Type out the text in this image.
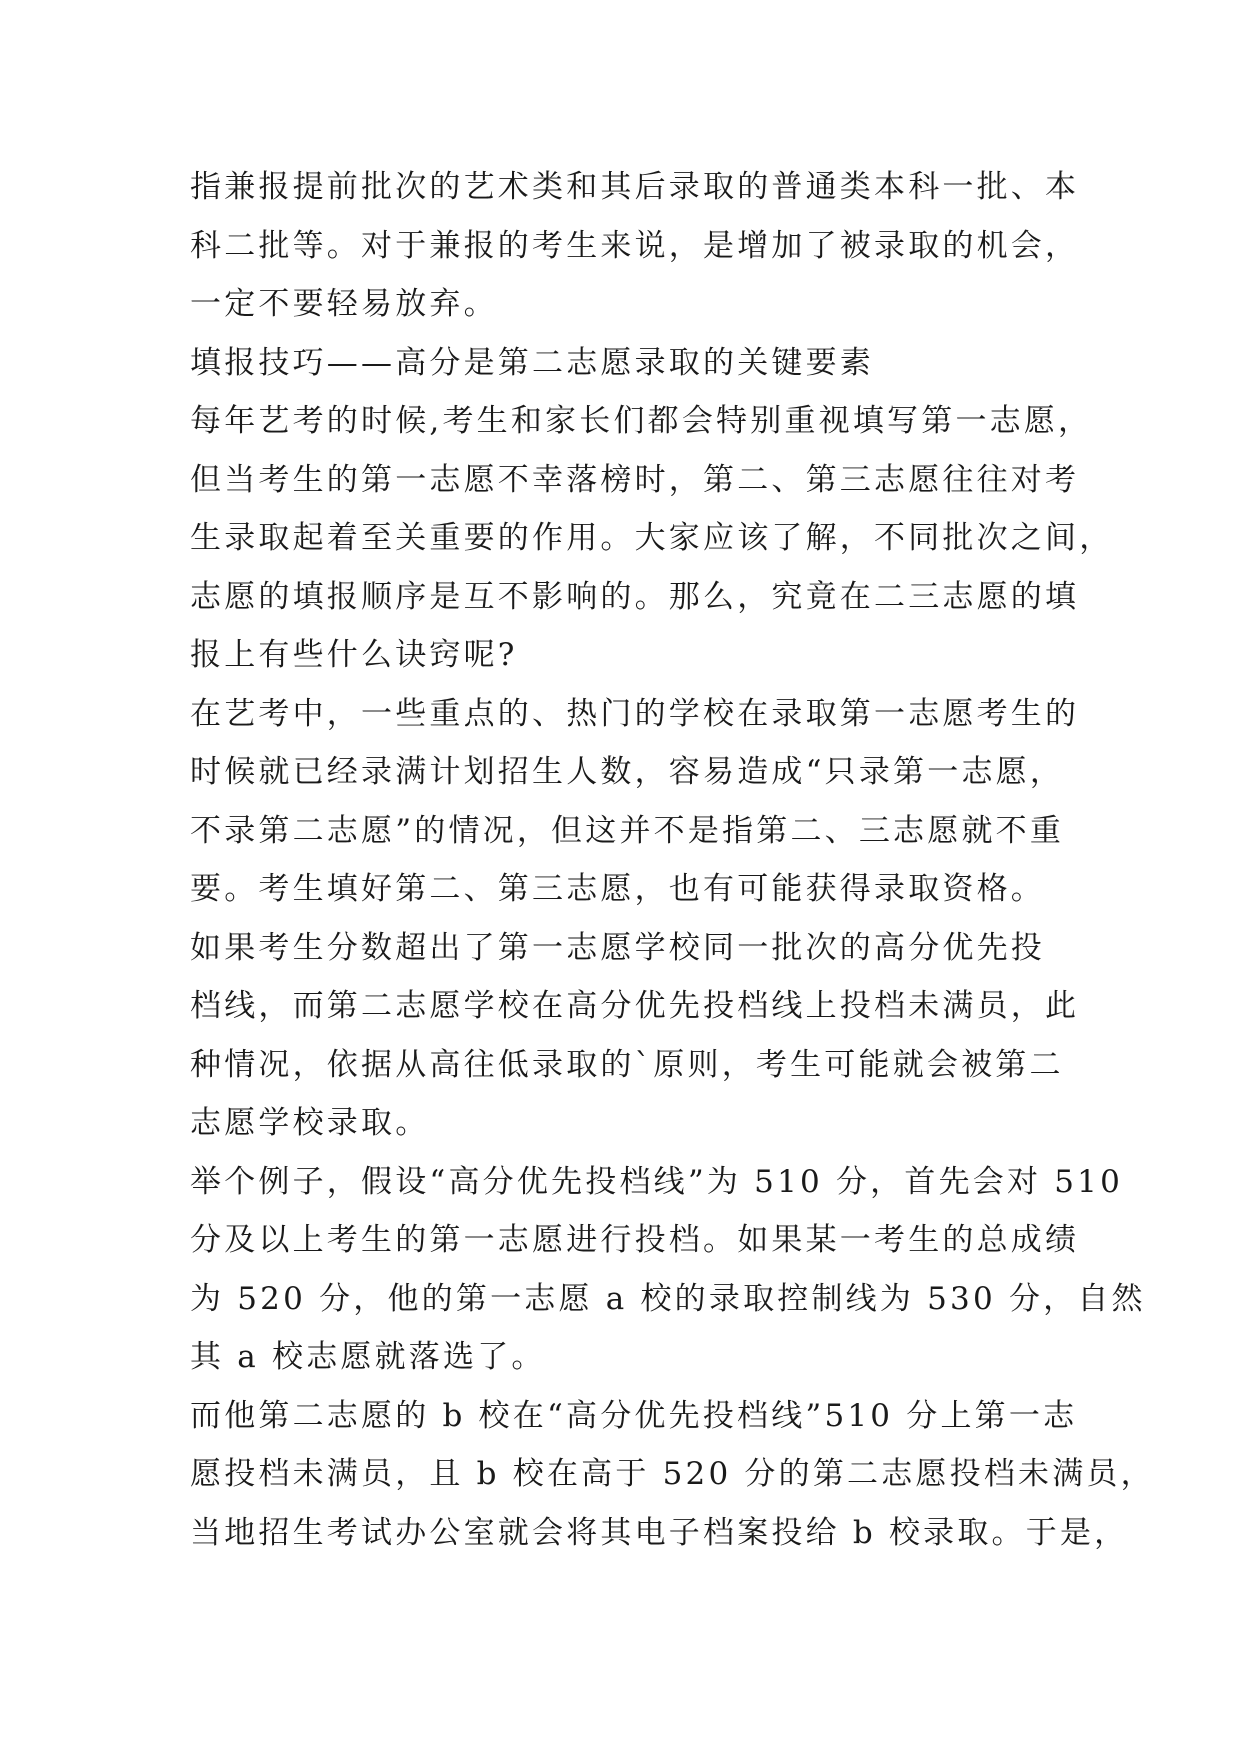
指兼报提前批次的艺术类和其后录取的普通类本科一批、本
科二批等。对于兼报的考生来说，是增加了被录取的机会，
一定不要轻易放弃。

填报技巧——高分是第二志愿录取的关键要素

每年艺考的时候,考生和家长们都会特别重视填写第一志愿，
但当考生的第一志愿不幸落榜时，第二、第三志愿往往对考
生录取起着至关重要的作用。大家应该了解，不同批次之间，
志愿的填报顺序是互不影响的。那么，究竟在二三志愿的填
报上有些什么诀窍呢?

在艺考中，一些重点的、热门的学校在录取第一志愿考生的
时候就已经录满计划招生人数，容易造成“只录第一志愿，
不录第二志愿”的情况，但这并不是指第二、三志愿就不重
要。考生填好第二、第三志愿，也有可能获得录取资格。

如果考生分数超出了第一志愿学校同一批次的高分优先投
档线，而第二志愿学校在高分优先投档线上投档未满员，此
种情况，依据从高往低录取的`原则，考生可能就会被第二
志愿学校录取。

举个例子，假设“高分优先投档线”为 510 分，首先会对 510
分及以上考生的第一志愿进行投档。如果某一考生的总成绩
为 520 分，他的第一志愿 a 校的录取控制线为 530 分，自然
其 a 校志愿就落选了。

而他第二志愿的 b 校在“高分优先投档线”510 分上第一志
愿投档未满员，且 b 校在高于 520 分的第二志愿投档未满员，
当地招生考试办公室就会将其电子档案投给 b 校录取。于是，
